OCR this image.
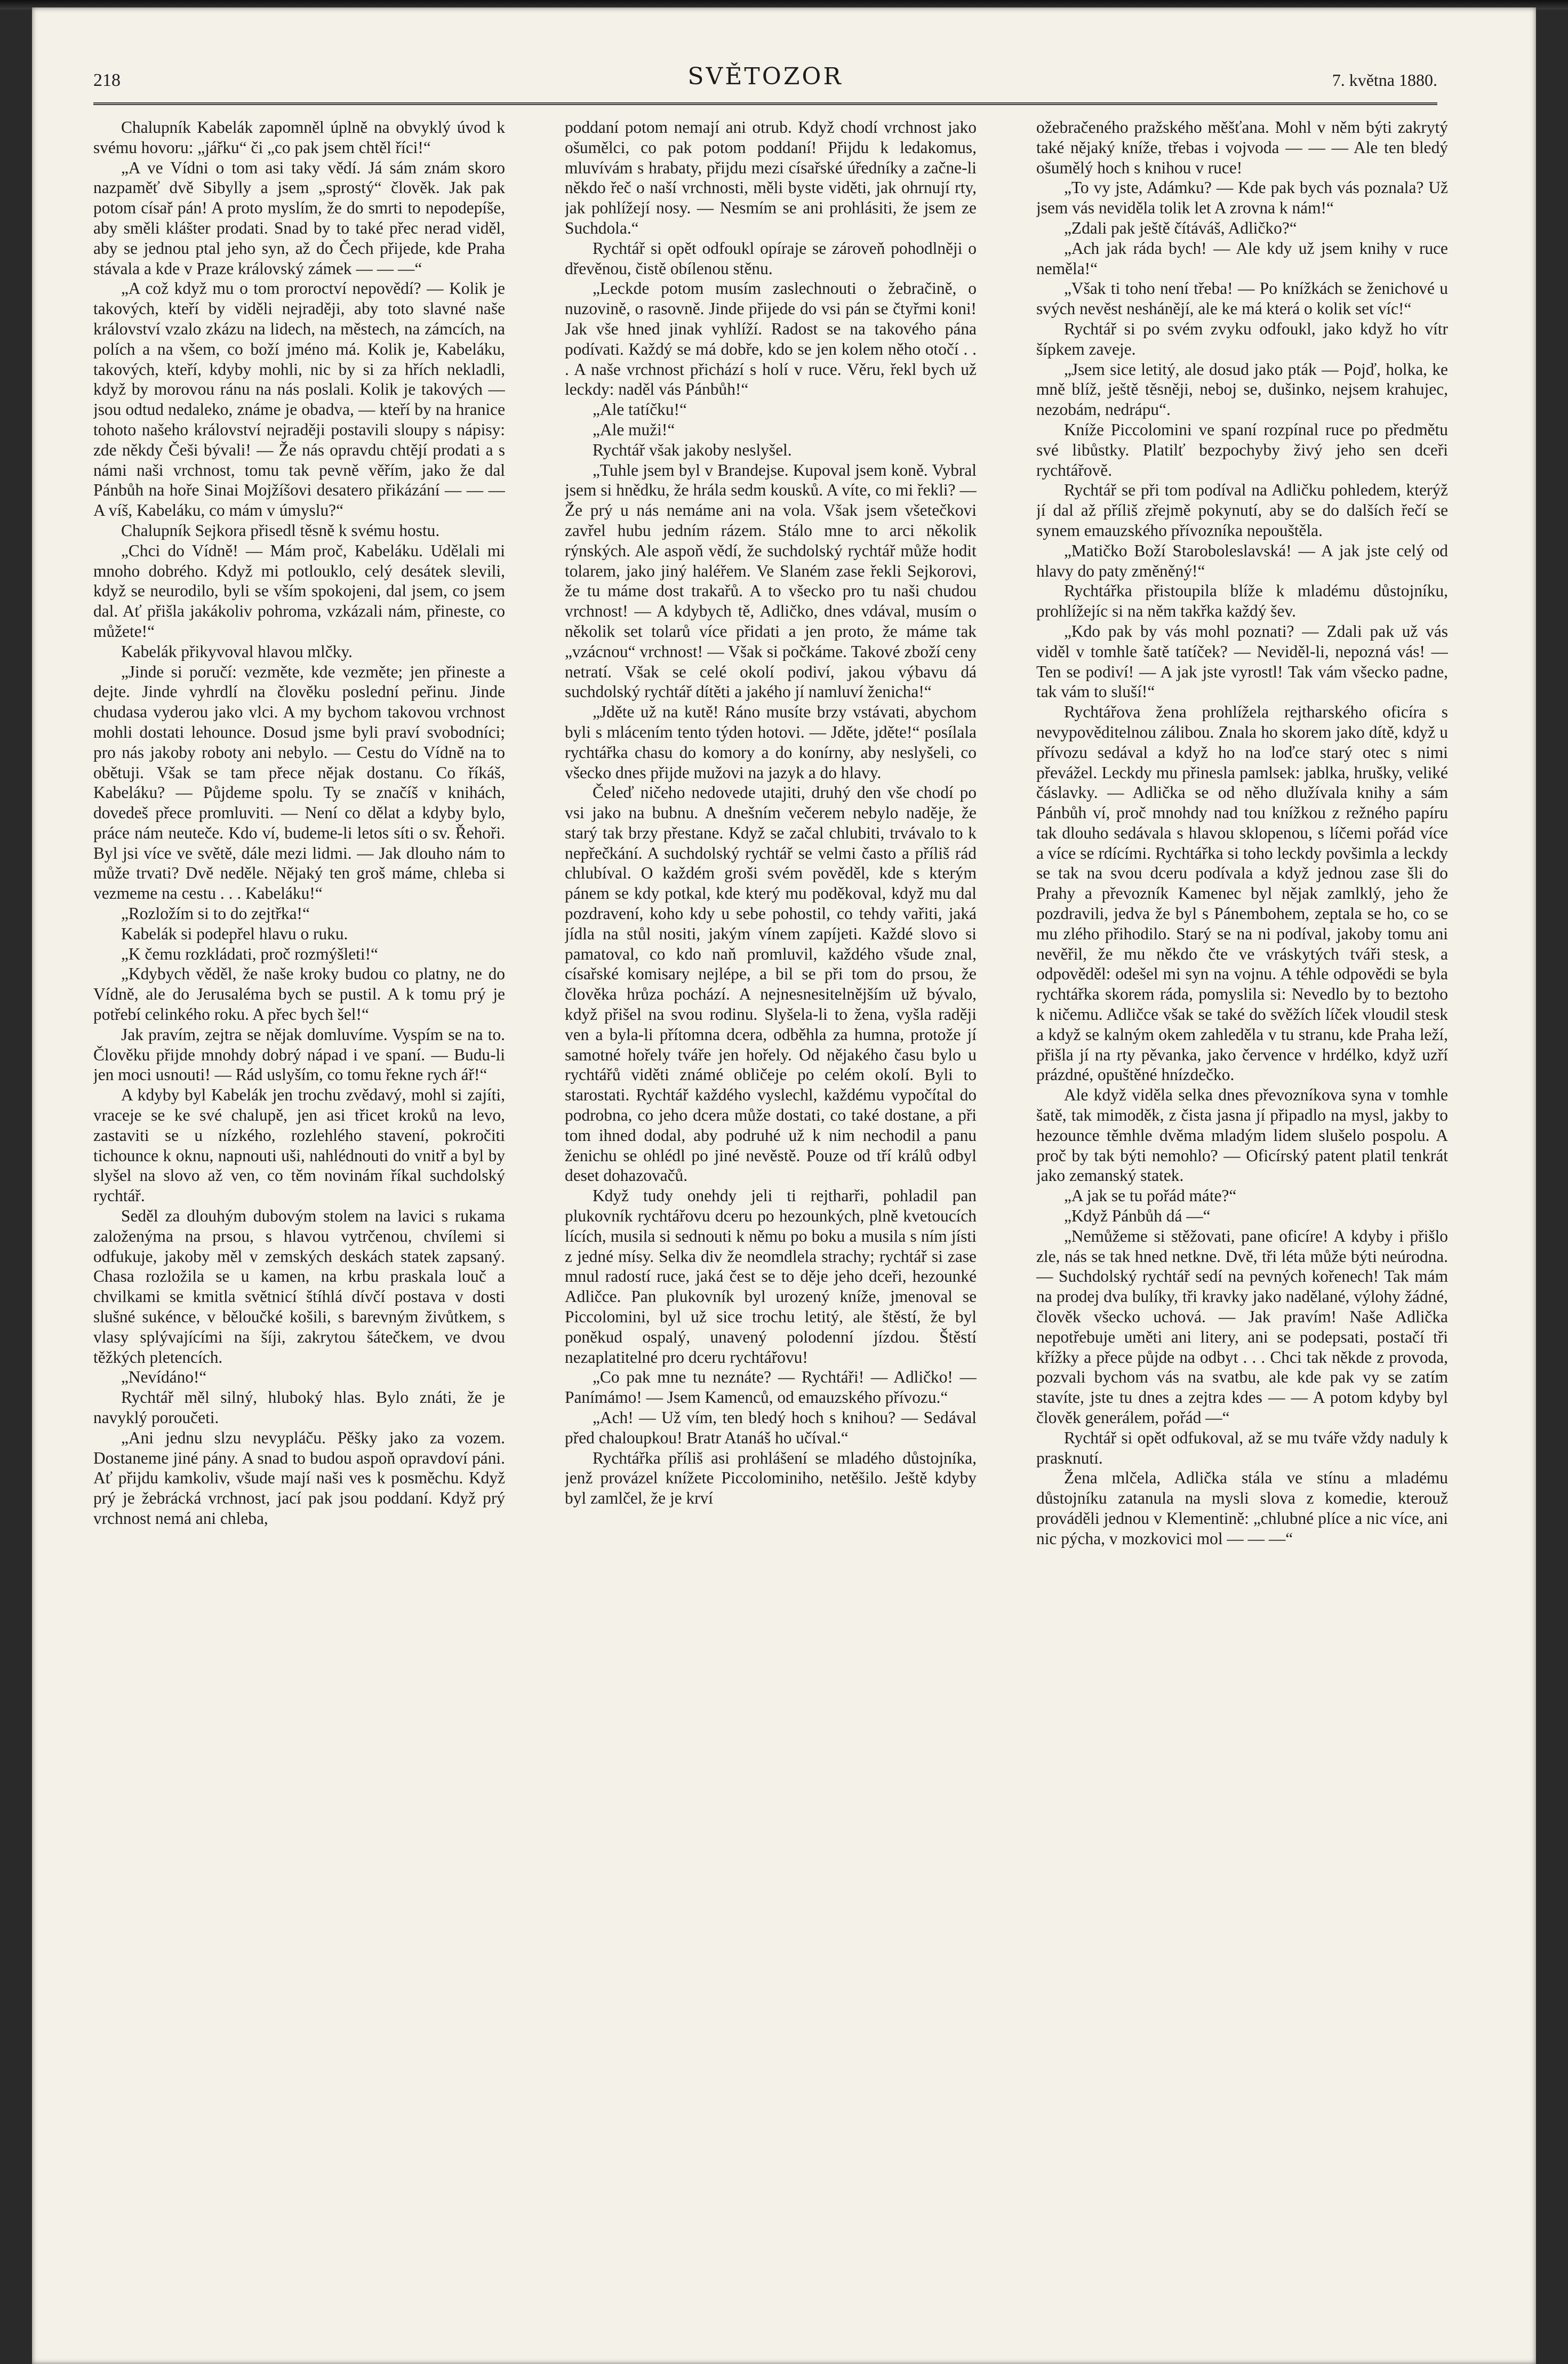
218	SVĚTOZOR	7. května 1880.

Chalupník Kabelák zapomněl úplně na obvyklý úvod k svému hovoru: „jářku“ či „co pak jsem chtěl říci!“

„A ve Vídni o tom asi taky vědí. Já sám znám skoro nazpaměť dvě Sibylly a jsem „sprostý“ člověk. Jak pak potom císař pán! A proto myslím, že do smrti to nepodepíše, aby směli klášter prodati. Snad by to také přec nerad viděl, aby se jednou ptal jeho syn, až do Čech přijede, kde Praha stávala a kde v Praze královský zámek — — —“

„A což když mu o tom proroctví nepovědí? — Kolik je takových, kteří by viděli nejraději, aby toto slavné naše království vzalo zkázu na lidech, na městech, na zámcích, na polích a na všem, co boží jméno má. Kolik je, Kabeláku, takových, kteří, kdyby mohli, nic by si za hřích nekladli, když by morovou ránu na nás poslali. Kolik je takových — jsou odtud nedaleko, známe je obadva, — kteří by na hranice tohoto našeho království nejraději postavili sloupy s nápisy: zde někdy Češi bývali! — Že nás opravdu chtějí prodati a s námi naši vrchnost, tomu tak pevně věřím, jako že dal Pánbůh na hoře Sinai Mojžíšovi desatero přikázání — — — A víš, Kabeláku, co mám v úmyslu?“

Chalupník Sejkora přisedl těsně k svému hostu.

„Chci do Vídně! — Mám proč, Kabeláku. Udělali mi mnoho dobrého. Když mi potlouklo, celý desátek slevili, když se neurodilo, byli se vším spokojeni, dal jsem, co jsem dal. Ať přišla jakákoliv pohroma, vzkázali nám, přineste, co můžete!“

Kabelák přikyvoval hlavou mlčky.

„Jinde si poručí: vezměte, kde vezměte; jen přineste a dejte. Jinde vyhrdlí na člověku poslední peřinu. Jinde chudasa vyderou jako vlci. A my bychom takovou vrchnost mohli dostati lehounce. Dosud jsme byli praví svobodníci; pro nás jakoby roboty ani nebylo. — Cestu do Vídně na to obětuji. Však se tam přece nějak dostanu. Co říkáš, Kabeláku? — Půjdeme spolu. Ty se značíš v knihách, dovedeš přece promluviti. — Není co dělat a kdyby bylo, práce nám neuteče. Kdo ví, budeme-li letos síti o sv. Řehoři. Byl jsi více ve světě, dále mezi lidmi. — Jak dlouho nám to může trvati? Dvě neděle. Nějaký ten groš máme, chleba si vezmeme na cestu . . . Kabeláku!“

„Rozložím si to do zejtřka!“

Kabelák si podepřel hlavu o ruku.

„K čemu rozkládati, proč rozmýšleti!“

„Kdybych věděl, že naše kroky budou co platny, ne do Vídně, ale do Jerusaléma bych se pustil. A k tomu prý je potřebí celinkého roku. A přec bych šel!“

Jak pravím, zejtra se nějak domluvíme. Vyspím se na to. Člověku přijde mnohdy dobrý nápad i ve spaní. — Budu-li jen moci usnouti! — Rád uslyším, co tomu řekne rych ář!“

A kdyby byl Kabelák jen trochu zvědavý, mohl si zajíti, vraceje se ke své chalupě, jen asi třicet kroků na levo, zastaviti se u nízkého, rozlehlého stavení, pokročiti tichounce k oknu, napnouti uši, nahlédnouti do vnitř a byl by slyšel na slovo až ven, co těm novinám říkal suchdolský rychtář.

Seděl za dlouhým dubovým stolem na lavici s rukama založenýma na prsou, s hlavou vytrčenou, chvílemi si odfukuje, jakoby měl v zemských deskách statek zapsaný. Chasa rozložila se u kamen, na krbu praskala louč a chvilkami se kmitla světnicí štíhlá dívčí postava v dosti slušné sukénce, v běloučké košili, s barevným živůtkem, s vlasy splývajícími na šíji, zakrytou šátečkem, ve dvou těžkých pletencích.

„Nevídáno!“

Rychtář měl silný, hluboký hlas. Bylo znáti, že je navyklý poroučeti.

„Ani jednu slzu nevypláču. Pěšky jako za vozem. Dostaneme jiné pány. A snad to budou aspoň opravdoví páni. Ať přijdu kamkoliv, všude mají naši ves k posměchu. Když prý je žebrácká vrchnost, jací pak jsou poddaní. Když prý vrchnost nemá ani chleba,

poddaní potom nemají ani otrub. Když chodí vrchnost jako ošumělci, co pak potom poddaní! Přijdu k ledakomus, mluvívám s hrabaty, přijdu mezi císařské úředníky a začne-li někdo řeč o naší vrchnosti, měli byste viděti, jak ohrnují rty, jak pohlížejí nosy. — Nesmím se ani prohlásiti, že jsem ze Suchdola.“

Rychtář si opět odfoukl opíraje se zároveň pohodlněji o dřevěnou, čistě obílenou stěnu.

„Leckde potom musím zaslechnouti o žebračině, o nuzovině, o rasovně. Jinde přijede do vsi pán se čtyřmi koni! Jak vše hned jinak vyhlíží. Radost se na takového pána podívati. Každý se má dobře, kdo se jen kolem něho otočí . . . A naše vrchnost přichází s holí v ruce. Věru, řekl bych už leckdy: naděl vás Pánbůh!“

„Ale tatíčku!“

„Ale muži!“

Rychtář však jakoby neslyšel.

„Tuhle jsem byl v Brandejse. Kupoval jsem koně. Vybral jsem si hnědku, že hrála sedm kousků. A víte, co mi řekli? — Že prý u nás nemáme ani na vola. Však jsem všetečkovi zavřel hubu jedním rázem. Stálo mne to arci několik rýnských. Ale aspoň vědí, že suchdolský rychtář může hodit tolarem, jako jiný haléřem. Ve Slaném zase řekli Sejkorovi, že tu máme dost trakařů. A to všecko pro tu naši chudou vrchnost! — A kdybych tě, Adličko, dnes vdával, musím o několik set tolarů více přidati a jen proto, že máme tak „vzácnou“ vrchnost! — Však si počkáme. Takové zboží ceny netratí. Však se celé okolí podiví, jakou výbavu dá suchdolský rychtář dítěti a jakého jí namluví ženicha!“

„Jděte už na kutě! Ráno musíte brzy vstávati, abychom byli s mlácením tento týden hotovi. — Jděte, jděte!“ posílala rychtářka chasu do komory a do konírny, aby neslyšeli, co všecko dnes přijde mužovi na jazyk a do hlavy.

Čeleď ničeho nedovede utajiti, druhý den vše chodí po vsi jako na bubnu. A dnešním večerem nebylo naděje, že starý tak brzy přestane. Když se začal chlubiti, trvávalo to k nepřečkání. A suchdolský rychtář se velmi často a příliš rád chlubíval. O každém groši svém pověděl, kde s kterým pánem se kdy potkal, kde který mu poděkoval, když mu dal pozdravení, koho kdy u sebe pohostil, co tehdy vařiti, jaká jídla na stůl nositi, jakým vínem zapíjeti. Každé slovo si pamatoval, co kdo naň promluvil, každého všude znal, císařské komisary nejlépe, a bil se při tom do prsou, že člověka hrůza pochází. A nejnesnesitelnějším už bývalo, když přišel na svou rodinu. Slyšela-li to žena, vyšla raději ven a byla-li přítomna dcera, odběhla za humna, protože jí samotné hořely tváře jen hořely. Od nějakého času bylo u rychtářů viděti známé obličeje po celém okolí. Byli to starostati. Rychtář každého vyslechl, každému vypočítal do podrobna, co jeho dcera může dostati, co také dostane, a při tom ihned dodal, aby podruhé už k nim nechodil a panu ženichu se ohlédl po jiné nevěstě. Pouze od tří králů odbyl deset dohazovačů.

Když tudy onehdy jeli ti rejtharři, pohladil pan plukovník rychtářovu dceru po hezounkých, plně kvetoucích lících, musila si sednouti k němu po boku a musila s ním jísti z jedné mísy. Selka div že neomdlela strachy; rychtář si zase mnul radostí ruce, jaká čest se to děje jeho dceři, hezounké Adličce. Pan plukovník byl urozený kníže, jmenoval se Piccolomini, byl už sice trochu letitý, ale štěstí, že byl poněkud ospalý, unavený polodenní jízdou. Štěstí nezaplatitelné pro dceru rychtářovu!

„Co pak mne tu neznáte? — Rychtáři! — Adličko! — Panímámo! — Jsem Kamenců, od emauzského přívozu.“

„Ach! — Už vím, ten bledý hoch s knihou? — Sedával před chaloupkou! Bratr Atanáš ho učíval.“

Rychtářka příliš asi prohlášení se mladého důstojníka, jenž provázel knížete Piccolominiho, netěšilo. Ještě kdyby byl zamlčel, že je krví

ožebračeného pražského měšťana. Mohl v něm býti zakrytý také nějaký kníže, třebas i vojvoda — — — Ale ten bledý ošumělý hoch s knihou v ruce!

„To vy jste, Adámku? — Kde pak bych vás poznala? Už jsem vás neviděla tolik let A zrovna k nám!“

„Zdali pak ještě čítáváš, Adličko?“

„Ach jak ráda bych! — Ale kdy už jsem knihy v ruce neměla!“

„Však ti toho není třeba! — Po knížkách se ženichové u svých nevěst neshánějí, ale ke má která o kolik set víc!“

Rychtář si po svém zvyku odfoukl, jako když ho vítr šípkem zaveje.

„Jsem sice letitý, ale dosud jako pták — Pojď, holka, ke mně blíž, ještě těsněji, neboj se, dušinko, nejsem krahujec, nezobám, nedrápu“.

Kníže Piccolomini ve spaní rozpínal ruce po předmětu své libůstky. Platilť bezpochyby živý jeho sen dceři rychtářově.

Rychtář se při tom podíval na Adličku pohledem, kterýž jí dal až příliš zřejmě pokynutí, aby se do dalších řečí se synem emauzského přívozníka nepouštěla.

„Matičko Boží Staroboleslavská! — A jak jste celý od hlavy do paty změněný!“

Rychtářka přistoupila blíže k mladému důstojníku, prohlížejíc si na něm takřka každý šev.

„Kdo pak by vás mohl poznati? — Zdali pak už vás viděl v tomhle šatě tatíček? — Neviděl-li, nepozná vás! — Ten se podiví! — A jak jste vyrostl! Tak vám všecko padne, tak vám to sluší!“

Rychtářova žena prohlížela rejtharského oficíra s nevypověditelnou zálibou. Znala ho skorem jako dítě, když u přívozu sedával a když ho na loďce starý otec s nimi převážel. Leckdy mu přinesla pamlsek: jablka, hrušky, veliké čáslavky. — Adlička se od něho dlužívala knihy a sám Pánbůh ví, proč mnohdy nad tou knížkou z režného papíru tak dlouho sedávala s hlavou sklopenou, s líčemi pořád více a více se rdícími. Rychtářka si toho leckdy povšimla a leckdy se tak na svou dceru podívala a když jednou zase šli do Prahy a převozník Kamenec byl nějak zamlklý, jeho že pozdravili, jedva že byl s Pánembohem, zeptala se ho, co se mu zlého přihodilo. Starý se na ni podíval, jakoby tomu ani nevěřil, že mu někdo čte ve vráskytých tváři stesk, a odpověděl: odešel mi syn na vojnu. A téhle odpovědi se byla rychtářka skorem ráda, pomyslila si: Nevedlo by to beztoho k ničemu. Adličce však se také do svěžích líček vloudil stesk a když se kalným okem zahleděla v tu stranu, kde Praha leží, přišla jí na rty pěvanka, jako července v hrdélko, když uzří prázdné, opuštěné hnízdečko.

Ale když viděla selka dnes převozníkova syna v tomhle šatě, tak mimoděk, z čista jasna jí připadlo na mysl, jakby to hezounce těmhle dvěma mladým lidem slušelo pospolu. A proč by tak býti nemohlo? — Oficírský patent platil tenkrát jako zemanský statek.

„A jak se tu pořád máte?“

„Když Pánbůh dá —“

„Nemůžeme si stěžovati, pane oficíre! A kdyby i přišlo zle, nás se tak hned netkne. Dvě, tři léta může býti neúrodna. — Suchdolský rychtář sedí na pevných kořenech! Tak mám na prodej dva bulíky, tři kravky jako nadělané, výlohy žádné, člověk všecko uchová. — Jak pravím! Naše Adlička nepotřebuje uměti ani litery, ani se podepsati, postačí tři křížky a přece půjde na odbyt . . . Chci tak někde z provoda, pozvali bychom vás na svatbu, ale kde pak vy se zatím stavíte, jste tu dnes a zejtra kdes — — A potom kdyby byl člověk generálem, pořád —“

Rychtář si opět odfukoval, až se mu tváře vždy naduly k prasknutí.

Žena mlčela, Adlička stála ve stínu a mladému důstojníku zatanula na mysli slova z komedie, kterouž prováděli jednou v Klementině: „chlubné plíce a nic více, ani nic pýcha, v mozkovici mol — — —“
